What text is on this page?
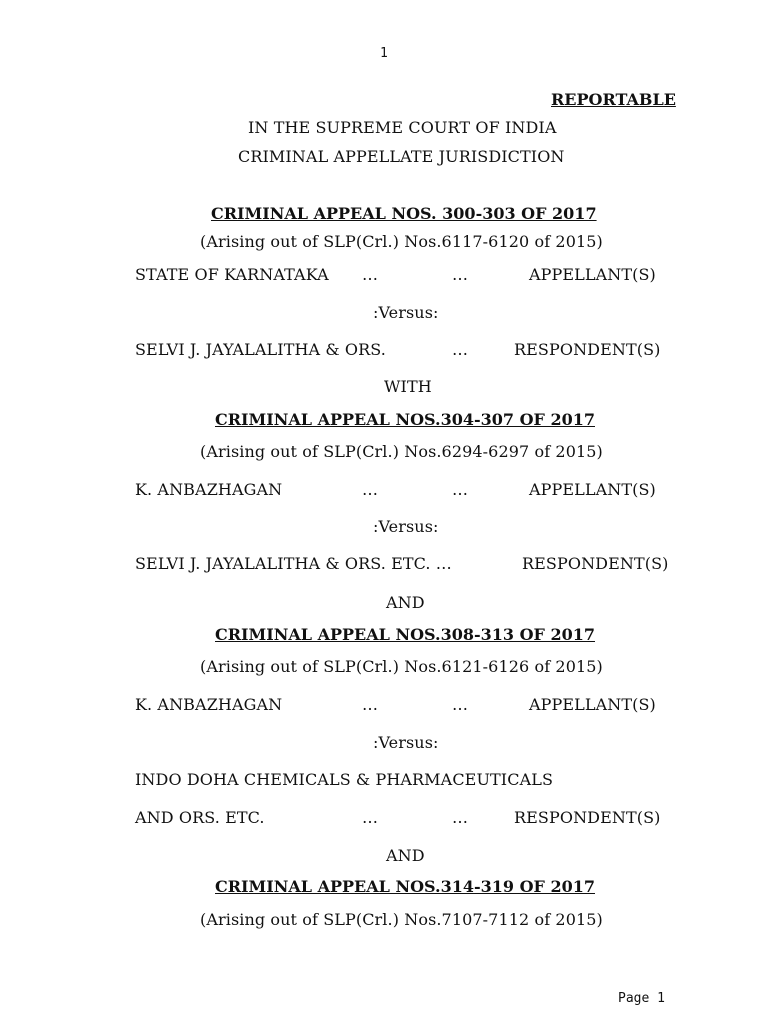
1
REPORTABLE
IN THE SUPREME COURT OF INDIA
CRIMINAL APPELLATE JURISDICTION
CRIMINAL APPEAL NOS. 300-303 OF 2017
(Arising out of SLP(Crl.) Nos.6117-6120 of 2015)
STATE OF KARNATAKA …	…	APPELLANT(S)
:Versus:
SELVI J. JAYALALITHA & ORS.	…	RESPONDENT(S)
WITH
CRIMINAL APPEAL NOS.304-307 OF 2017
(Arising out of SLP(Crl.) Nos.6294-6297 of 2015)
K. ANBAZHAGAN	…	…	APPELLANT(S)
:Versus:
SELVI J. JAYALALITHA & ORS. ETC. …	RESPONDENT(S)
AND
CRIMINAL APPEAL NOS.308-313 OF 2017
(Arising out of SLP(Crl.) Nos.6121-6126 of 2015)
K. ANBAZHAGAN	…	…	APPELLANT(S)
:Versus:
INDO DOHA CHEMICALS & PHARMACEUTICALS
AND ORS. ETC.	…	…	RESPONDENT(S)
AND
CRIMINAL APPEAL NOS.314-319 OF 2017
(Arising out of SLP(Crl.) Nos.7107-7112 of 2015)
Page 1
